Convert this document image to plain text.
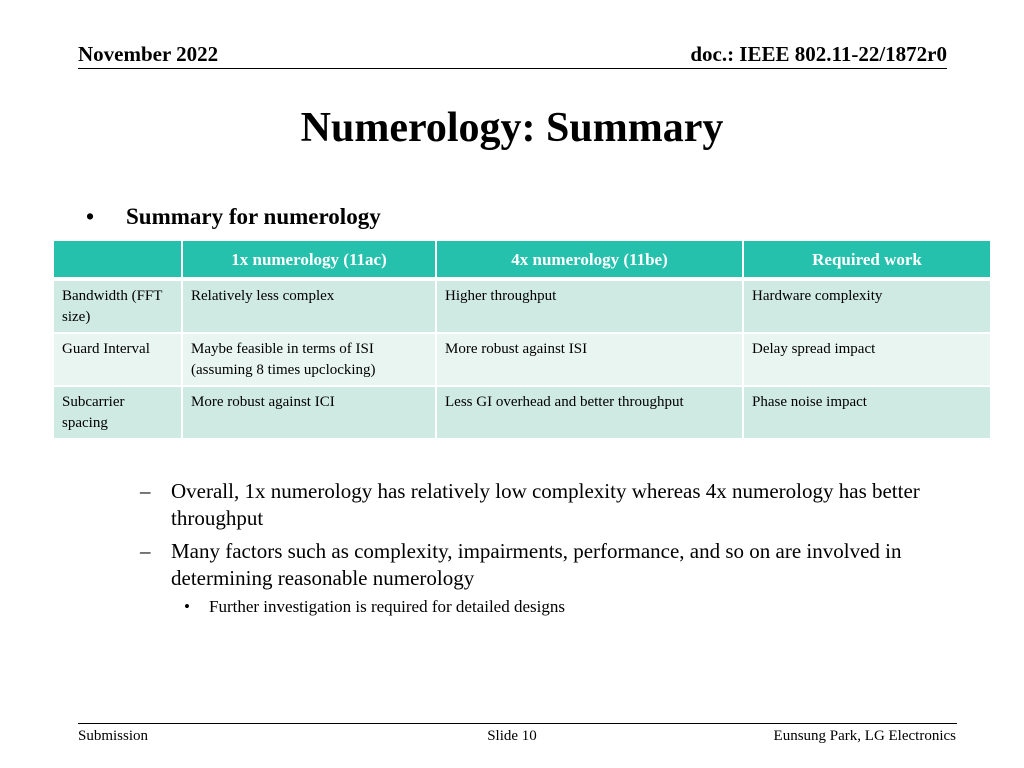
November 2022	doc.: IEEE 802.11-22/1872r0
Numerology: Summary
•	Summary for numerology
	1x numerology (11ac)	4x numerology (11be)	Required work
Bandwidth (FFT size)	Relatively less complex	Higher throughput	Hardware complexity
Guard Interval	Maybe feasible in terms of ISI (assuming 8 times upclocking)	More robust against ISI	Delay spread impact
Subcarrier spacing	More robust against ICI	Less GI overhead and better throughput	Phase noise impact
– Overall, 1x numerology has relatively low complexity whereas 4x numerology has better throughput
– Many factors such as complexity, impairments, performance, and so on are involved in determining reasonable numerology
•	Further investigation is required for detailed designs
Submission	Slide 10	Eunsung Park, LG Electronics
